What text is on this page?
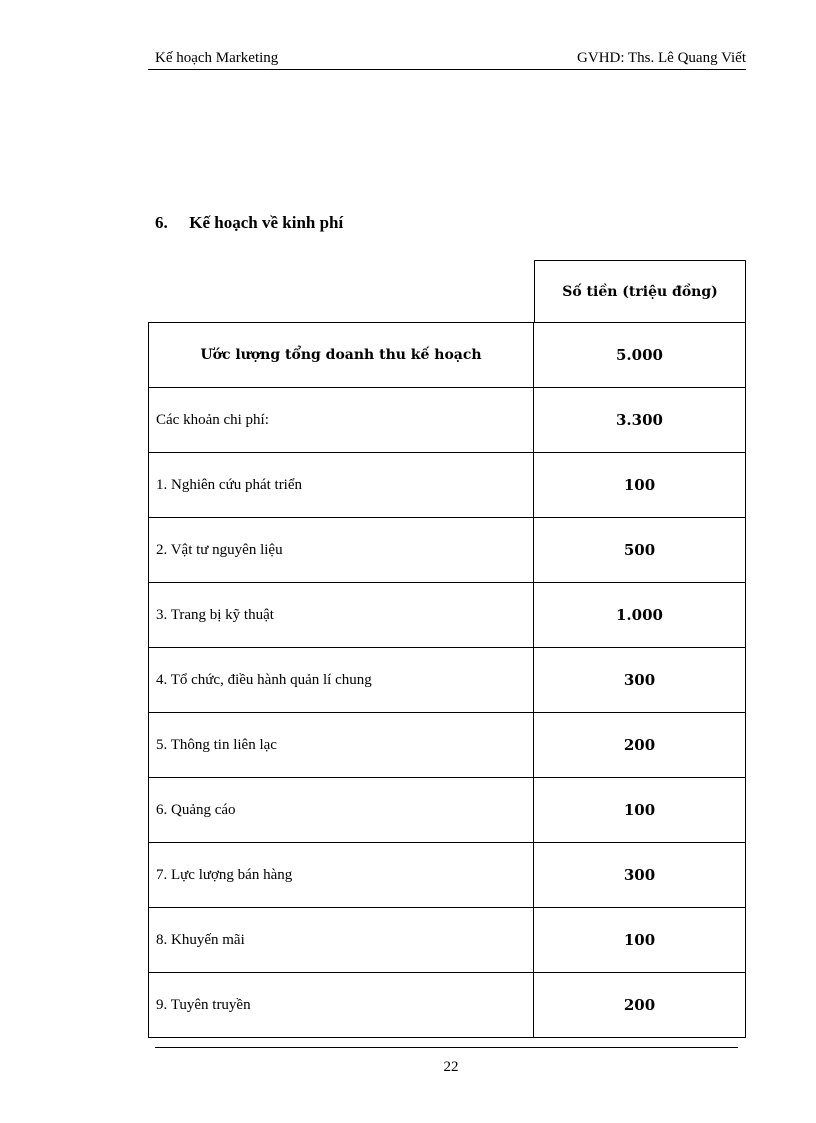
Kế hoạch Marketing	GVHD: Ths. Lê Quang Viết
6. Kế hoạch về kinh phí
Số tiền (triệu đồng)
Ước lượng tổng doanh thu kế hoạch	5.000
Các khoản chi phí:	3.300
1. Nghiên cứu phát triển	100
2. Vật tư nguyên liệu	500
3. Trang bị kỹ thuật	1.000
4. Tổ chức, điều hành quản lí chung	300
5. Thông tin liên lạc	200
6. Quảng cáo	100
7. Lực lượng bán hàng	300
8. Khuyến mãi	100
9. Tuyên truyền	200
22
